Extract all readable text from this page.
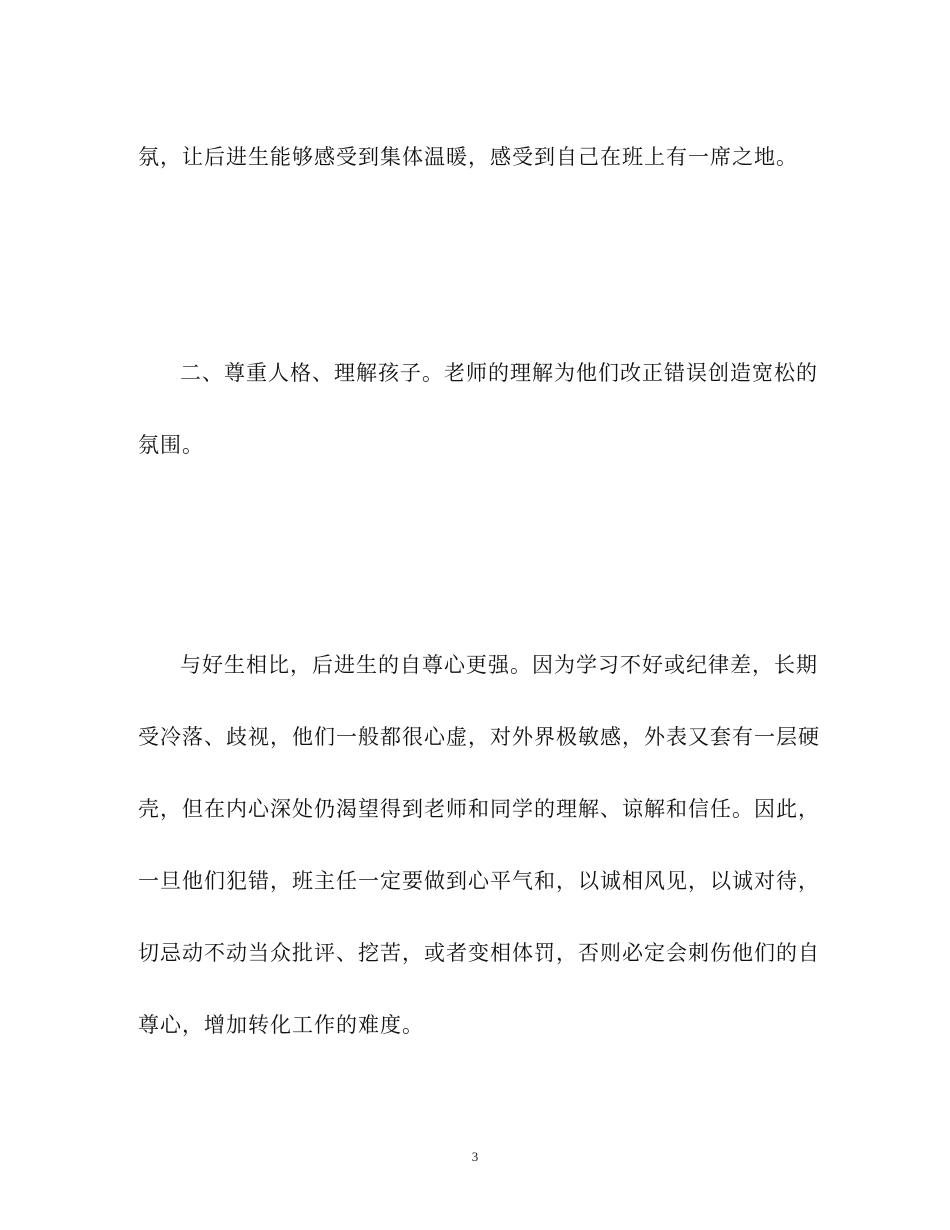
氛，让后进生能够感受到集体温暖，感受到自己在班上有一席之地。
二、尊重人格、理解孩子。老师的理解为他们改正错误创造宽松的
氛围。
与好生相比，后进生的自尊心更强。因为学习不好或纪律差，长期
受冷落、歧视，他们一般都很心虚，对外界极敏感，外表又套有一层硬
壳，但在内心深处仍渴望得到老师和同学的理解、谅解和信任。因此，
一旦他们犯错，班主任一定要做到心平气和，以诚相风见，以诚对待，
切忌动不动当众批评、挖苦，或者变相体罚，否则必定会刺伤他们的自
尊心，增加转化工作的难度。
3
